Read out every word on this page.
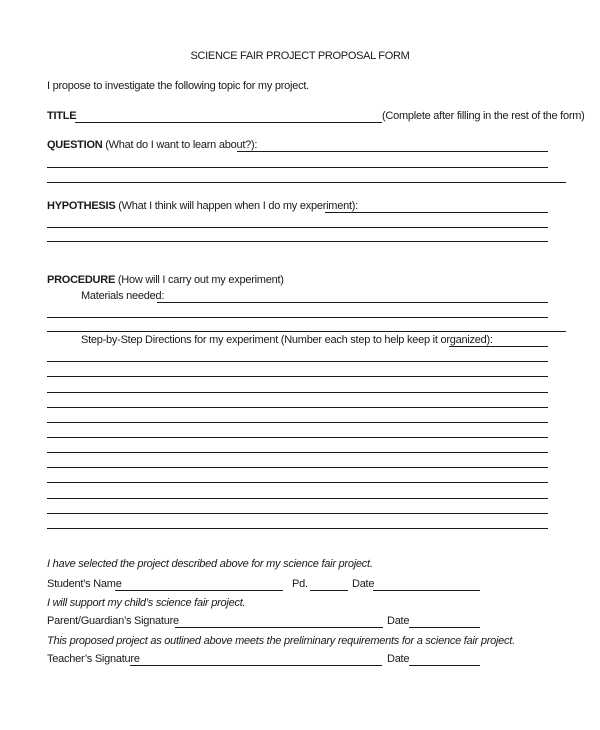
SCIENCE FAIR PROJECT PROPOSAL FORM
I propose to investigate the following topic for my project.
TITLE	(Complete after filling in the rest of the form)
QUESTION (What do I want to learn about?):
HYPOTHESIS (What I think will happen when I do my experiment):
PROCEDURE (How will I carry out my experiment)
Materials needed:
Step-by-Step Directions for my experiment (Number each step to help keep it organized):
I have selected the project described above for my science fair project.
Student’s Name	Pd.	Date
I will support my child’s science fair project.
Parent/Guardian’s Signature	Date
This proposed project as outlined above meets the preliminary requirements for a science fair project.
Teacher’s Signature	Date
